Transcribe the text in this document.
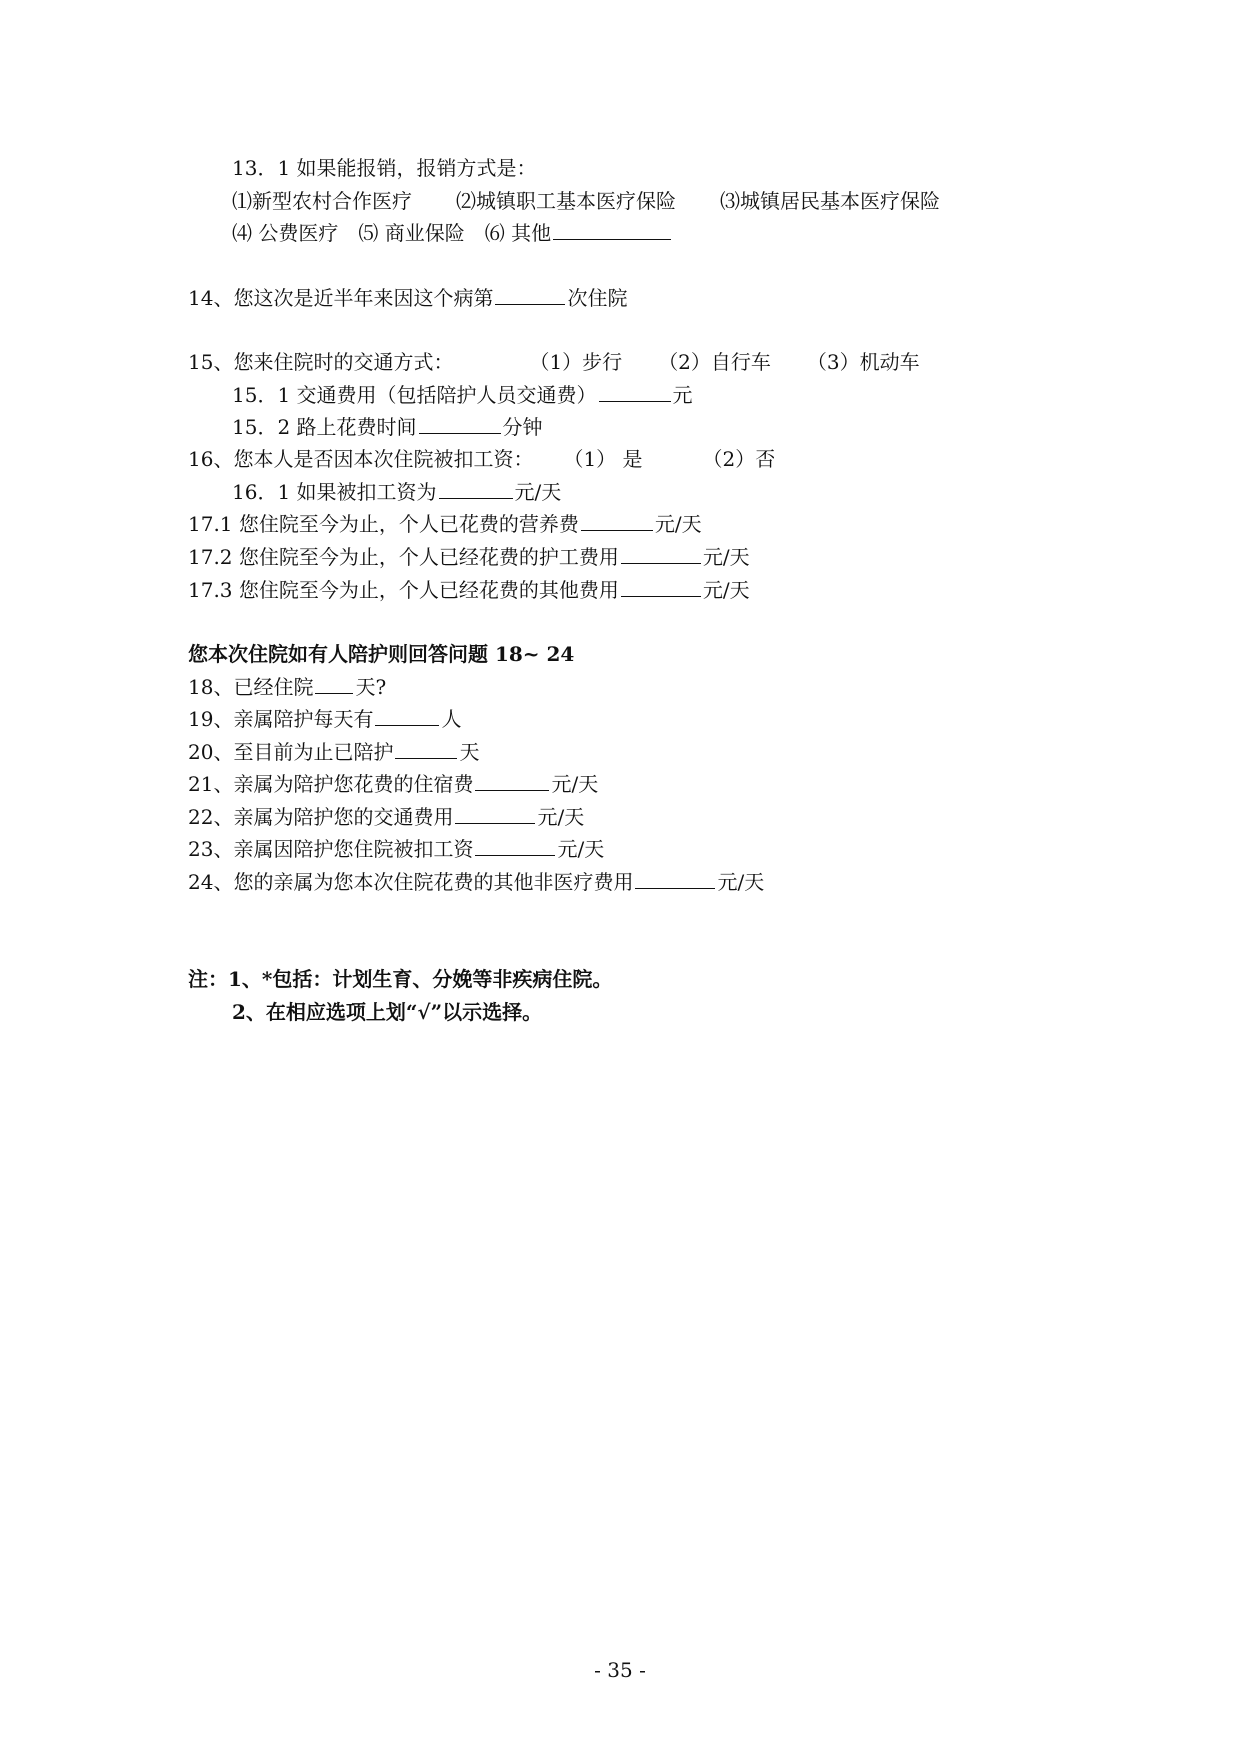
13．1 如果能报销，报销方式是：
⑴新型农村合作医疗 ⑵城镇职工基本医疗保险 ⑶城镇居民基本医疗保险
⑷ 公费医疗 ⑸ 商业保险 ⑹ 其他
14、您这次是近半年来因这个病第	次住院
15、您来住院时的交通方式：	（1）步行 （2）自行车 （3）机动车
15．1 交通费用（包括陪护人员交通费）	元
15．2 路上花费时间	分钟
16、您本人是否因本次住院被扣工资： （1） 是	（2）否
16．1 如果被扣工资为	元/天
17.1 您住院至今为止，个人已花费的营养费	元/天
17.2 您住院至今为止，个人已经花费的护工费用	元/天
17.3 您住院至今为止，个人已经花费的其他费用	元/天
您本次住院如有人陪护则回答问题 18~ 24
18、已经住院 天?
19、亲属陪护每天有	人
20、至目前为止已陪护	天
21、亲属为陪护您花费的住宿费	元/天
22、亲属为陪护您的交通费用	元/天
23、亲属因陪护您住院被扣工资	元/天
24、您的亲属为您本次住院花费的其他非医疗费用	元/天
注：1、*包括：计划生育、分娩等非疾病住院。
2、在相应选项上划“√”以示选择。
- 35 -
